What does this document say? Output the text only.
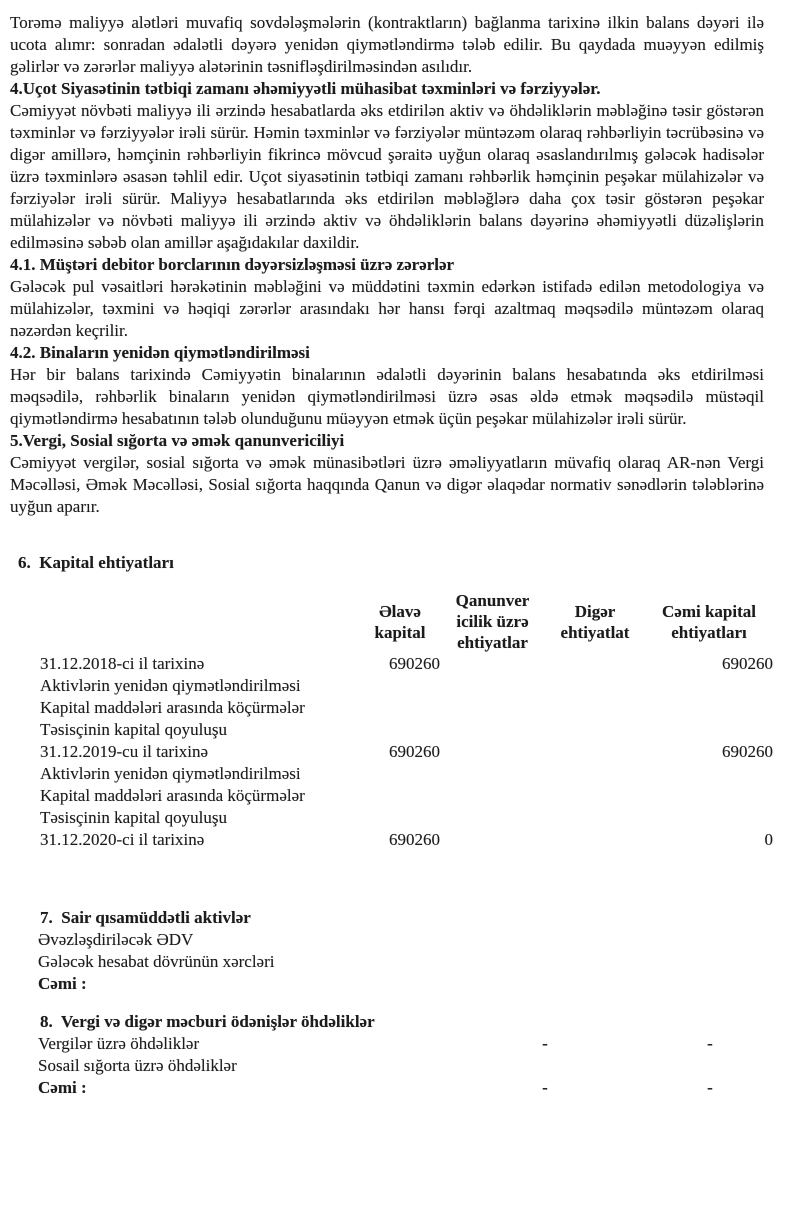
Torəmə maliyyə alətləri muvafiq sovdələşmələrin (kontraktların) bağlanma tarixinə ilkin balans dəyəri ilə ucota alımr: sonradan ədalətli dəyərə yenidən qiymətləndirmə tələb edilir. Bu qaydada muəyyən edilmiş gəlirlər və zərərlər maliyyə alətərinin təsnifləşdirilməsindən asılıdır.

4.Uçot Siyasətinin tətbiqi zamanı əhəmiyyətli mühasibat təxminləri və fərziyyələr.

Cəmiyyət növbəti maliyyə ili ərzində hesabatlarda əks etdirilən aktiv və öhdəliklərin məbləğinə təsir göstərən təxminlər və fərziyyələr irəli sürür. Həmin təxminlər və fərziyələr müntəzəm olaraq rəhbərliyin təcrübəsinə və digər amillərə, həmçinin rəhbərliyin fikrincə mövcud şəraitə uyğun olaraq əsaslandırılmış gələcək hadisələr üzrə təxminlərə əsasən təhlil edir. Uçot siyasətinin tətbiqi zamanı rəhbərlik həmçinin peşəkar mülahizələr və fərziyələr irəli sürür. Maliyyə hesabatlarında əks etdirilən məbləğlərə daha çox təsir göstərən peşəkar mülahizələr və növbəti maliyyə ili ərzində aktiv və öhdəliklərin balans dəyərinə əhəmiyyətli düzəlişlərin edilməsinə səbəb olan amillər aşağıdakılar daxildir.

4.1. Müştəri debitor borclarının dəyərsizləşməsi üzrə zərərlər

Gələcək pul vəsaitləri hərəkətinin məbləğini və müddətini təxmin edərkən istifadə edilən metodologiya və mülahizələr, təxmini və həqiqi zərərlər arasındakı hər hansı fərqi azaltmaq məqsədilə müntəzəm olaraq nəzərdən keçrilir.

4.2. Binaların yenidən qiymətləndirilməsi

Hər bir balans tarixində Cəmiyyətin binalarının ədalətli dəyərinin balans hesabatında əks etdirilməsi məqsədilə, rəhbərlik binaların yenidən qiymətləndirilməsi üzrə əsas əldə etmək məqsədilə müstəqil qiymətləndirmə hesabatının tələb olunduğunu müəyyən etmək üçün peşəkar mülahizələr irəli sürür.

5.Vergi, Sosial sığorta və əmək qanunvericiliyi

Cəmiyyət vergilər, sosial sığorta və əmək münasibətləri üzrə əməliyyatların müvafiq olaraq AR-nən Vergi Məcəlləsi, Əmək Məcəlləsi, Sosial sığorta haqqında Qanun və digər əlaqədar normativ sənədlərin tələblərinə uyğun aparır.

6.  Kapital ehtiyatları

	Əlavə kapital	Qanunver icilik üzrə ehtiyatlar	Digər ehtiyatlat	Cəmi kapital ehtiyatları
31.12.2018-ci il tarixinə	690260			690260
Aktivlərin yenidən qiymətləndirilməsi				
Kapital maddələri arasında köçürmələr				
Təsisçinin kapital qoyuluşu				
31.12.2019-cu il tarixinə	690260			690260
Aktivlərin yenidən qiymətləndirilməsi				
Kapital maddələri arasında köçürmələr				
Təsisçinin kapital qoyuluşu				
31.12.2020-ci il tarixinə	690260			0

7.  Sair qısamüddətli aktivlər

Əvəzləşdiriləcək ƏDV

Gələcək hesabat dövrünün xərcləri

Cəmi :

8.  Vergi və digər məcburi ödənişlər öhdəliklər

Vergilər üzrə öhdəliklər	-	-
Sosail sığorta üzrə öhdəliklər		
Cəmi :	-	-
